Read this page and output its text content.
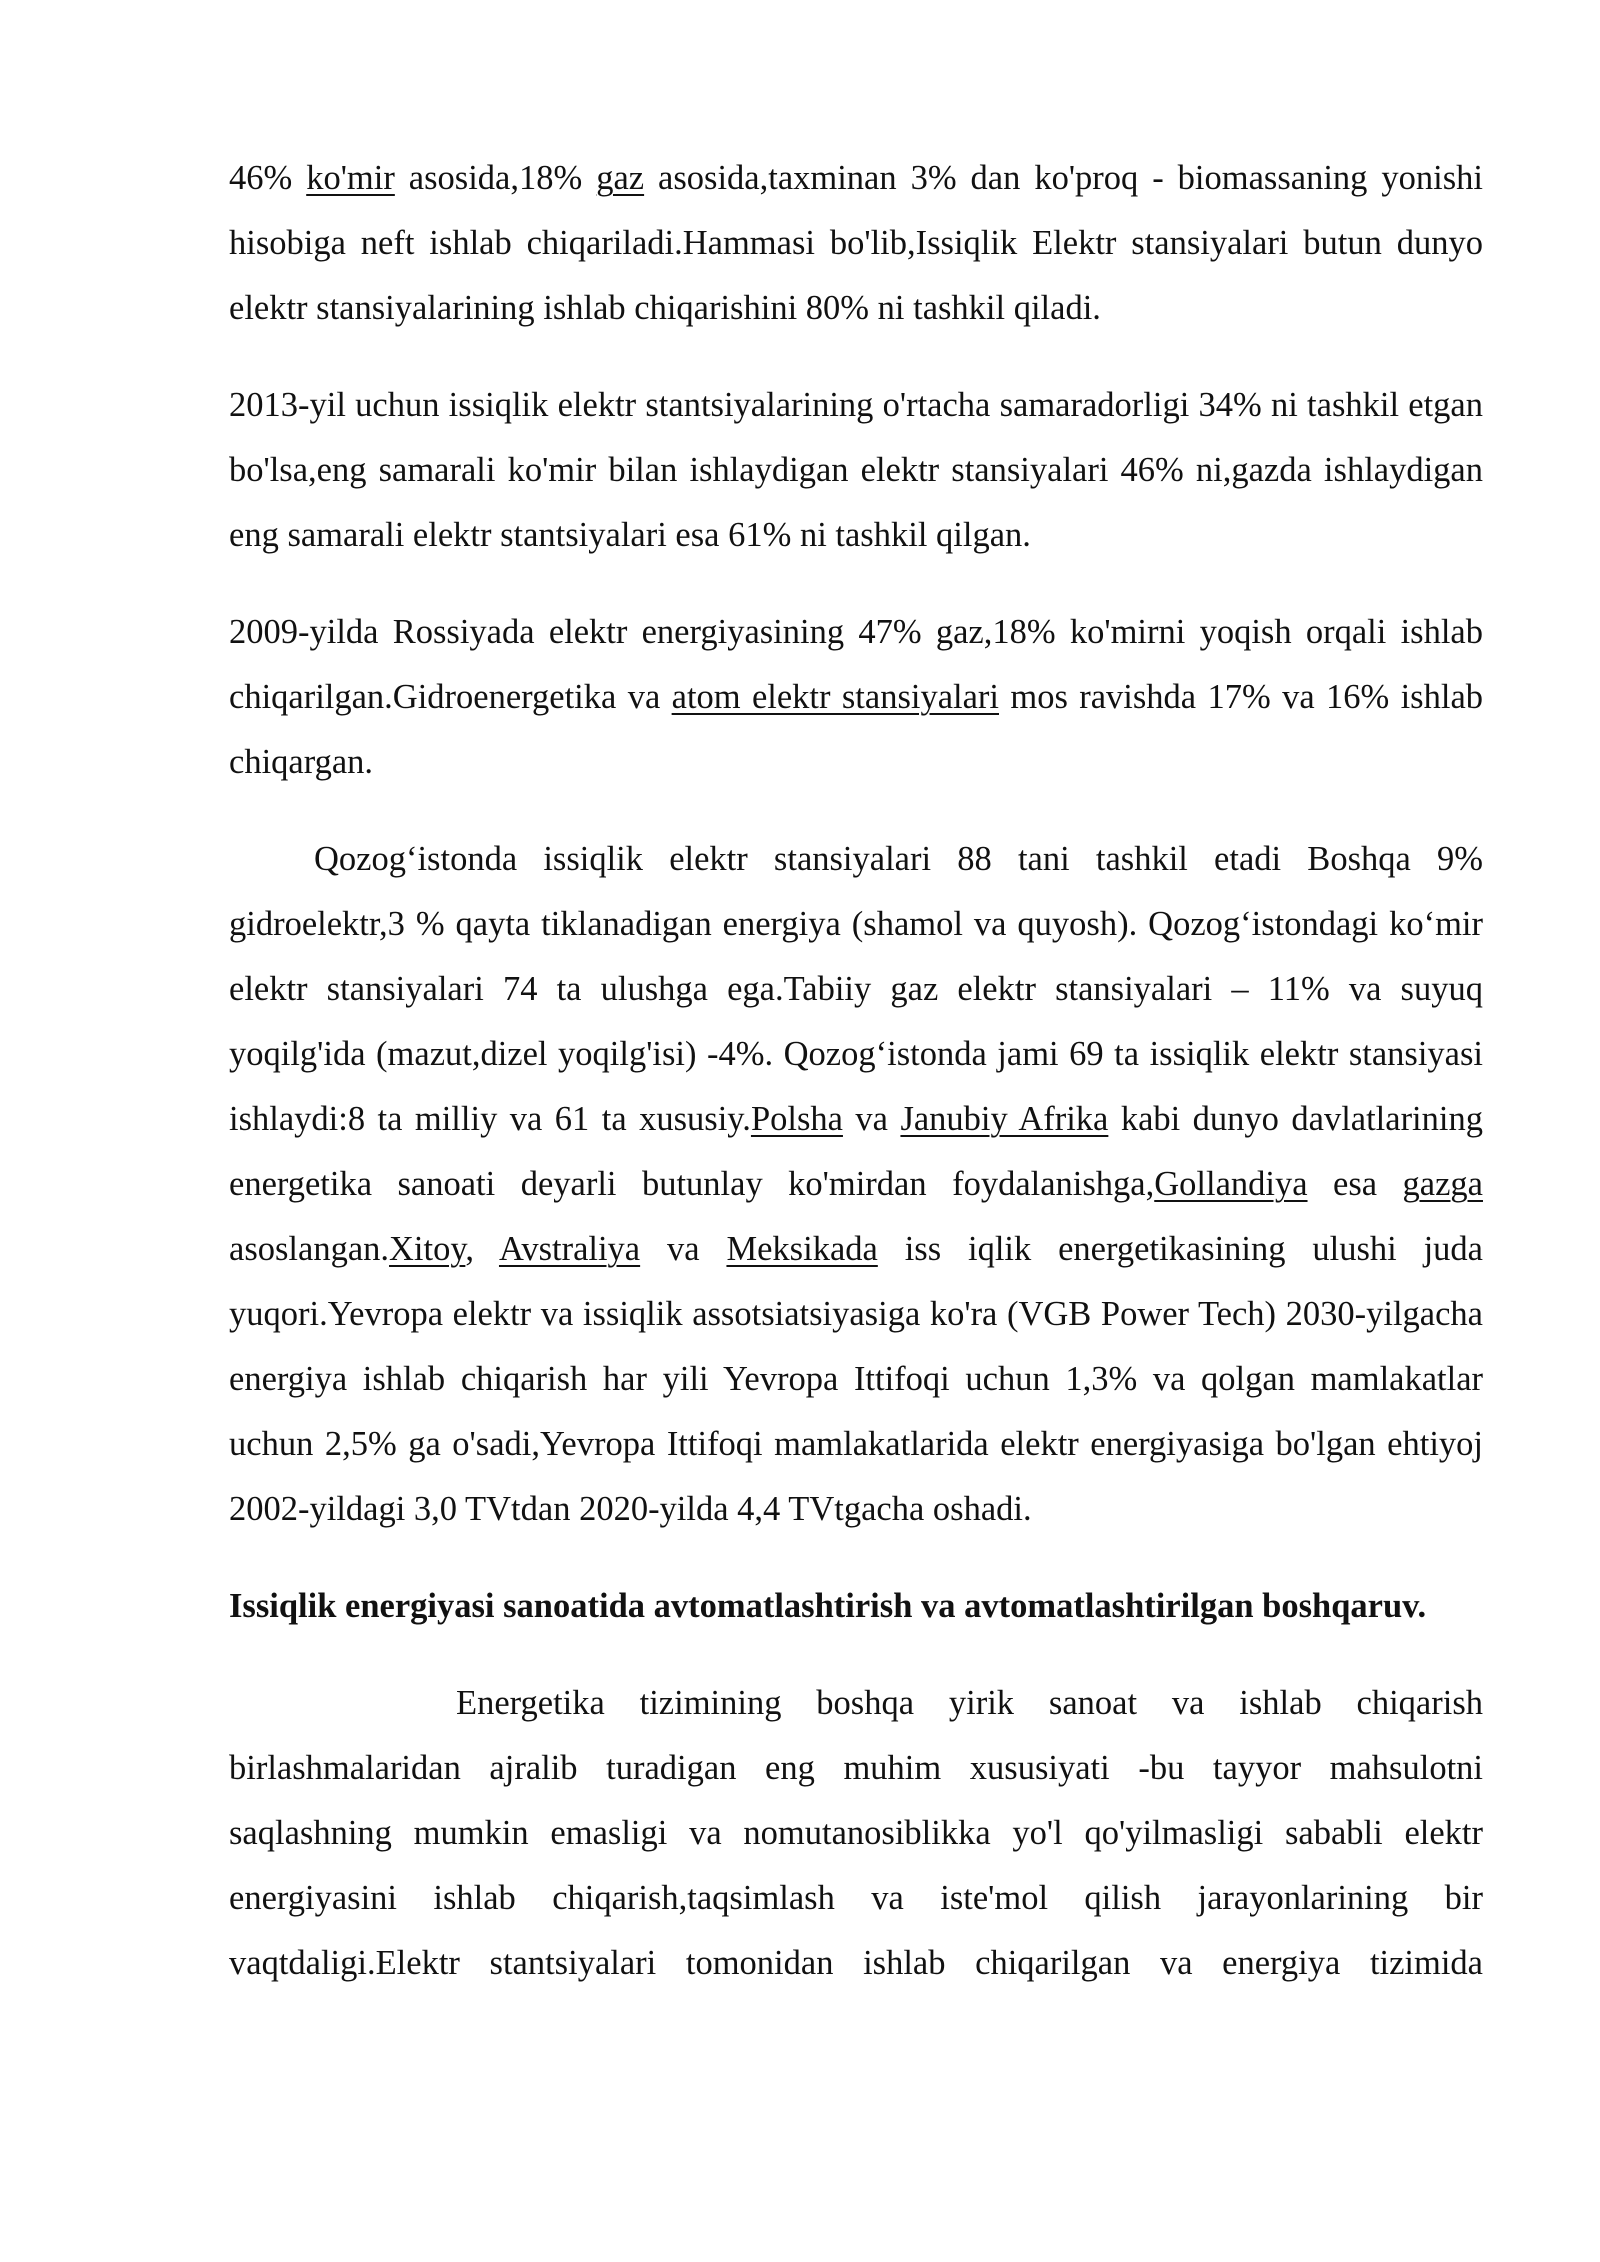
46% ko'mir asosida,18% gaz asosida,taxminan 3% dan ko'proq - biomassaning yonishi hisobiga neft ishlab chiqariladi.Hammasi bo'lib,Issiqlik Elektr stansiyalari butun dunyo elektr stansiyalarining ishlab chiqarishini 80% ni tashkil qiladi.

2013-yil uchun issiqlik elektr stantsiyalarining o'rtacha samaradorligi 34% ni tashkil etgan bo'lsa,eng samarali ko'mir bilan ishlaydigan elektr stansiyalari 46% ni,gazda ishlaydigan eng samarali elektr stantsiyalari esa 61% ni tashkil qilgan.

2009-yilda Rossiyada elektr energiyasining 47% gaz,18% ko'mirni yoqish orqali ishlab chiqarilgan.Gidroenergetika va atom elektr stansiyalari mos ravishda 17% va 16% ishlab chiqargan.

Qozog‘istonda issiqlik elektr stansiyalari 88 tani tashkil etadi Boshqa 9% gidroelektr,3 % qayta tiklanadigan energiya (shamol va quyosh). Qozog‘istondagi ko‘mir elektr stansiyalari 74 ta ulushga ega.Tabiiy gaz elektr stansiyalari – 11% va suyuq yoqilg'ida (mazut,dizel yoqilg'isi) -4%. Qozog‘istonda jami 69 ta issiqlik elektr stansiyasi ishlaydi:8 ta milliy va 61 ta xususiy.Polsha va Janubiy Afrika kabi dunyo davlatlarining energetika sanoati deyarli butunlay ko'mirdan foydalanishga,Gollandiya esa gazga asoslangan.Xitoy, Avstraliya va Meksikada iss iqlik energetikasining ulushi juda yuqori.Yevropa elektr va issiqlik assotsiatsiyasiga ko'ra (VGB Power Tech) 2030-yilgacha energiya ishlab chiqarish har yili Yevropa Ittifoqi uchun 1,3% va qolgan mamlakatlar uchun 2,5% ga o'sadi,Yevropa Ittifoqi mamlakatlarida elektr energiyasiga bo'lgan ehtiyoj 2002-yildagi 3,0 TVtdan 2020-yilda 4,4 TVtgacha oshadi.

Issiqlik energiyasi sanoatida avtomatlashtirish va avtomatlashtirilgan boshqaruv.

Energetika tizimining boshqa yirik sanoat va ishlab chiqarish birlashmalaridan ajralib turadigan eng muhim xususiyati -bu tayyor mahsulotni saqlashning mumkin emasligi va nomutanosiblikka yo'l qo'yilmasligi sababli elektr energiyasini ishlab chiqarish,taqsimlash va iste'mol qilish jarayonlarining bir vaqtdaligi.Elektr stantsiyalari tomonidan ishlab chiqarilgan va energiya tizimida
